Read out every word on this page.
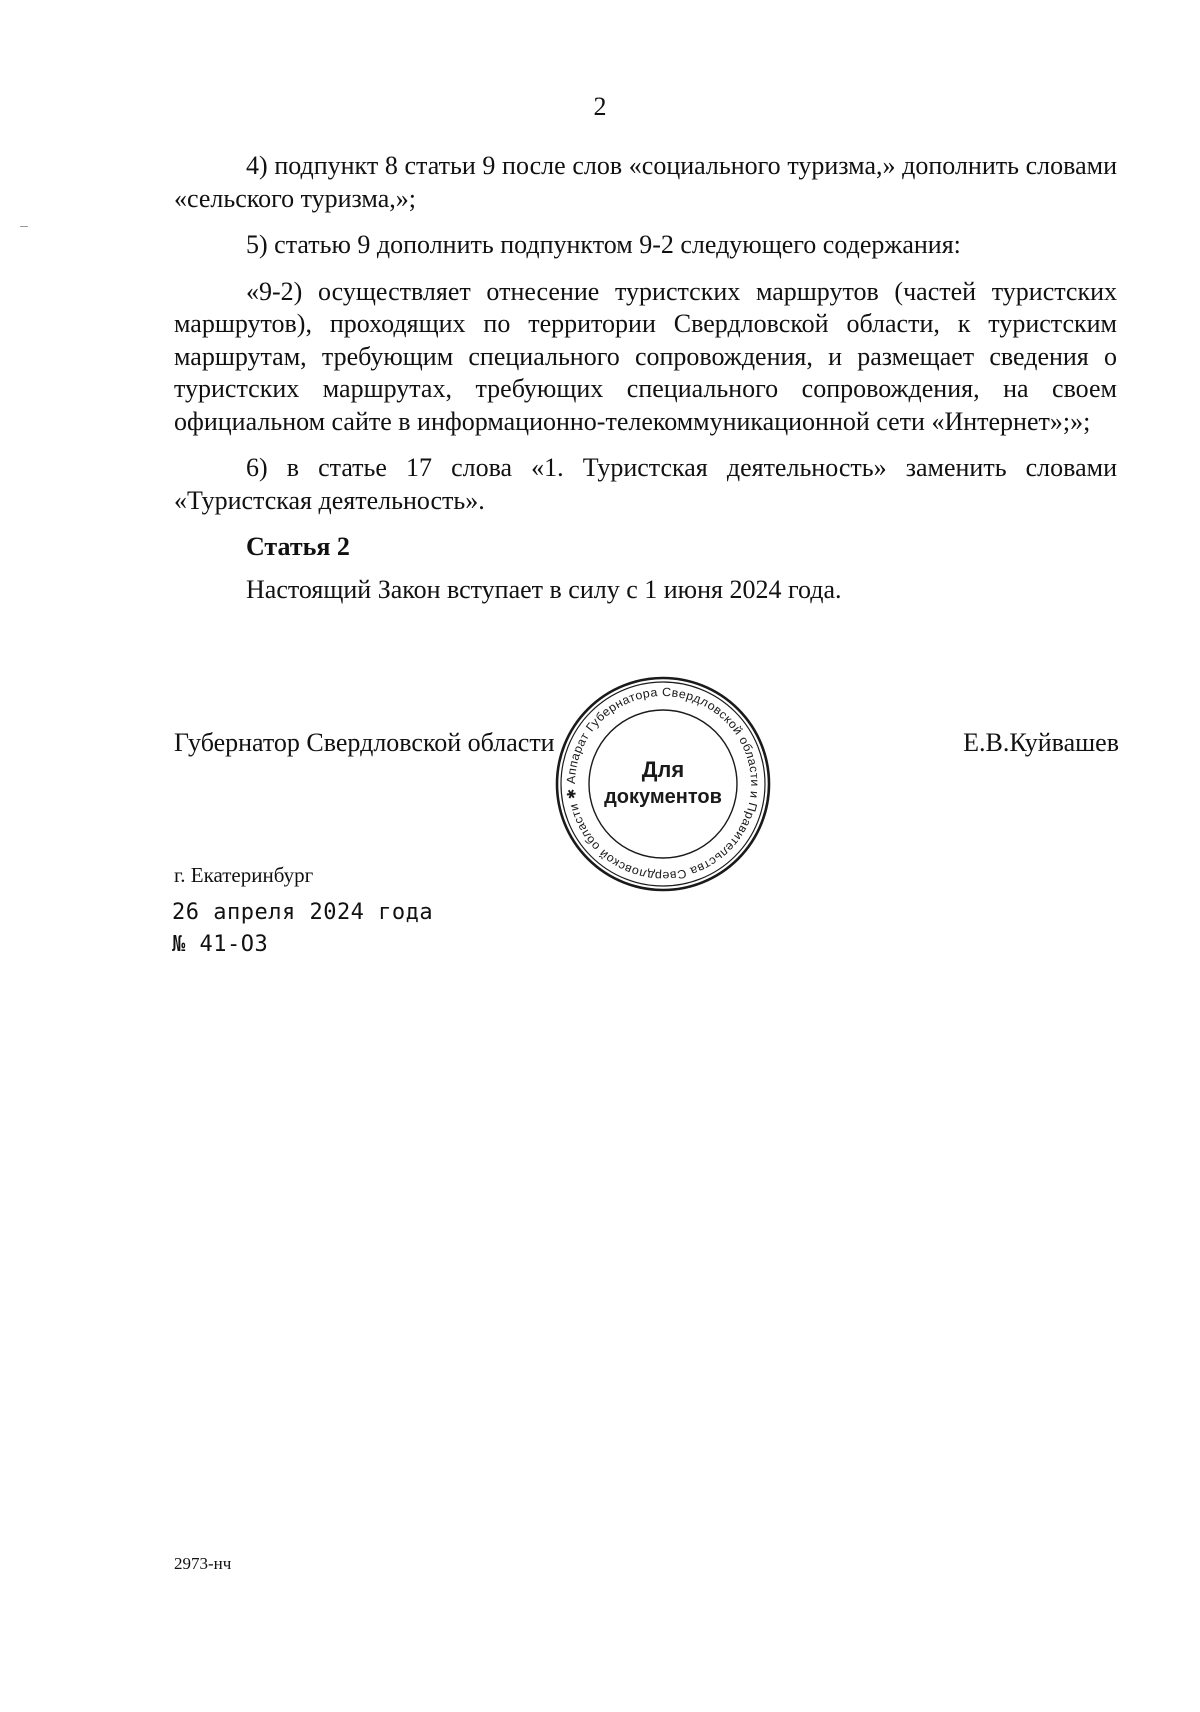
2

4) подпункт 8 статьи 9 после слов «социального туризма,» дополнить словами «сельского туризма,»;

5) статью 9 дополнить подпунктом 9-2 следующего содержания:

«9-2) осуществляет отнесение туристских маршрутов (частей туристских маршрутов), проходящих по территории Свердловской области, к туристским маршрутам, требующим специального сопровождения, и размещает сведения о туристских маршрутах, требующих специального сопровождения, на своем официальном сайте в информационно-телекоммуникационной сети «Интернет»;»;

6) в статье 17 слова «1. Туристская деятельность» заменить словами «Туристская деятельность».

Статья 2

Настоящий Закон вступает в силу с 1 июня 2024 года.

Губернатор Свердловской области	Е.В.Куйвашев
Аппарат Губернатора Свердловской области и Правительства Свердловской области ✱
Для
документов
г. Екатеринбург
26 апреля 2024 года
№ 41-ОЗ
2973-нч
